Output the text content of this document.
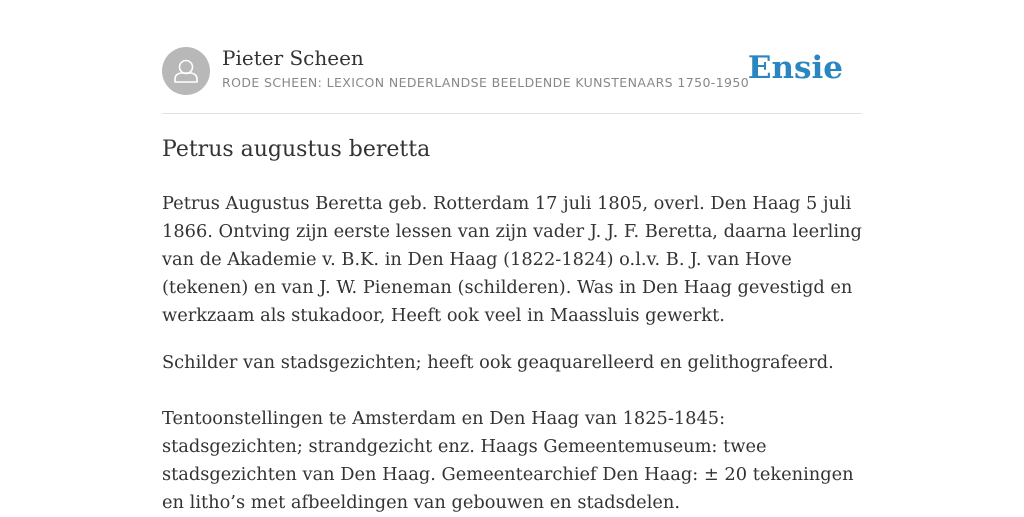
Pieter Scheen
RODE SCHEEN: LEXICON NEDERLANDSE BEELDENDE KUNSTENAARS 1750-1950
Ensie
Petrus augustus beretta

Petrus Augustus Beretta geb. Rotterdam 17 juli 1805, overl. Den Haag 5 juli 1866. Ontving zijn eerste lessen van zijn vader J. J. F. Beretta, daarna leerling van de Akademie v. B.K. in Den Haag (1822-1824) o.l.v. B. J. van Hove (tekenen) en van J. W. Pieneman (schilderen). Was in Den Haag gevestigd en werkzaam als stukadoor, Heeft ook veel in Maassluis gewerkt.

Schilder van stadsgezichten; heeft ook geaquarelleerd en gelithografeerd.

Tentoonstellingen te Amsterdam en Den Haag van 1825-1845: stadsgezichten; strandgezicht enz. Haags Gemeentemuseum: twee stadsgezichten van Den Haag. Gemeentearchief Den Haag: ± 20 tekeningen en litho’s met afbeeldingen van gebouwen en stadsdelen.
